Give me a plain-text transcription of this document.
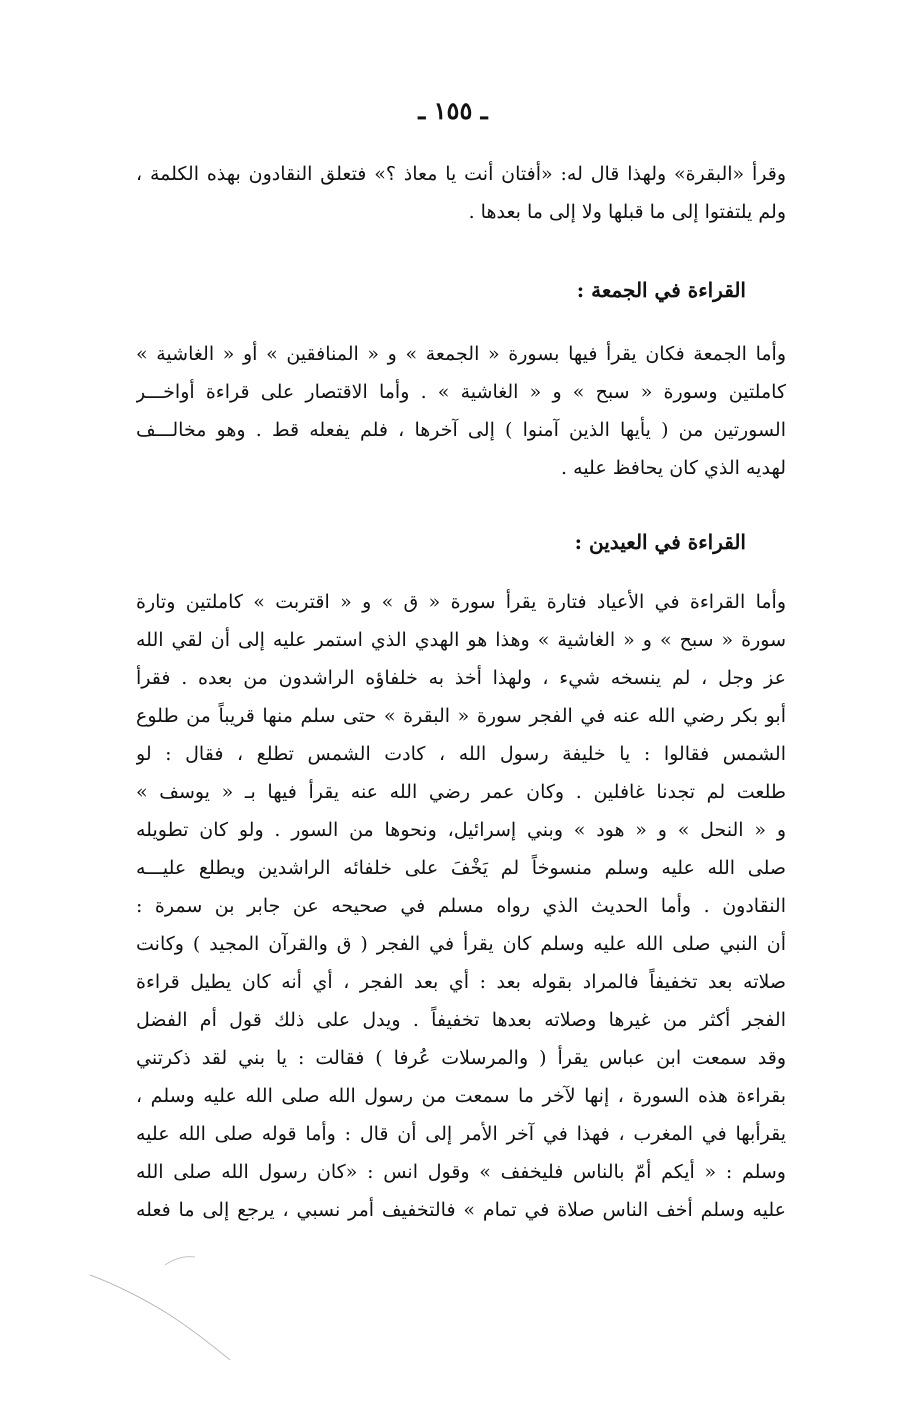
ـ ١٥٥ ـ
وقرأ «البقرة» ولهذا قال له: «أفتان أنت يا معاذ ؟» فتعلق النقادون بهذه الكلمة ،
ولم يلتفتوا إلى ما قبلها ولا إلى ما بعدها .
القراءة في الجمعة :
وأما الجمعة فكان يقرأ فيها بسورة « الجمعة » و « المنافقين » أو « الغاشية »
كاملتين وسورة « سبح » و « الغاشية » . وأما الاقتصار على قراءة أواخـــر
السورتين من ( يأيها الذين آمنوا ) إلى آخرها ، فلم يفعله قط . وهو مخالـــف
لهديه الذي كان يحافظ عليه .
القراءة في العيدين :
وأما القراءة في الأعياد فتارة يقرأ سورة « ق » و « اقتربت » كاملتين وتارة
سورة « سبح » و « الغاشية » وهذا هو الهدي الذي استمر عليه إلى أن لقي الله
عز وجل ، لم ينسخه شيء ، ولهذا أخذ به خلفاؤه الراشدون من بعده . فقرأ
أبو بكر رضي الله عنه في الفجر سورة « البقرة » حتى سلم منها قريباً من طلوع
الشمس فقالوا : يا خليفة رسول الله ، كادت الشمس تطلع ، فقال : لو
طلعت لم تجدنا غافلين . وكان عمر رضي الله عنه يقرأ فيها بـ « يوسف »
و « النحل » و « هود » وبني إسرائيل، ونحوها من السور . ولو كان تطويله
صلى الله عليه وسلم منسوخاً لم يَخْفَ على خلفائه الراشدين ويطلع عليـــه
النقادون . وأما الحديث الذي رواه مسلم في صحيحه عن جابر بن سمرة :
أن النبي صلى الله عليه وسلم كان يقرأ في الفجر ( ق والقرآن المجيد ) وكانت
صلاته بعد تخفيفاً فالمراد بقوله بعد : أي بعد الفجر ، أي أنه كان يطيل قراءة
الفجر أكثر من غيرها وصلاته بعدها تخفيفاً . ويدل على ذلك قول أم الفضل
وقد سمعت ابن عباس يقرأ ( والمرسلات عُرفا ) فقالت : يا بني لقد ذكرتني
بقراءة هذه السورة ، إنها لآخر ما سمعت من رسول الله صلى الله عليه وسلم ،
يقرأبها في المغرب ، فهذا في آخر الأمر إلى أن قال : وأما قوله صلى الله عليه
وسلم : « أيكم أمّ بالناس فليخفف » وقول انس : «كان رسول الله صلى الله
عليه وسلم أخف الناس صلاة في تمام » فالتخفيف أمر نسبي ، يرجع إلى ما فعله
